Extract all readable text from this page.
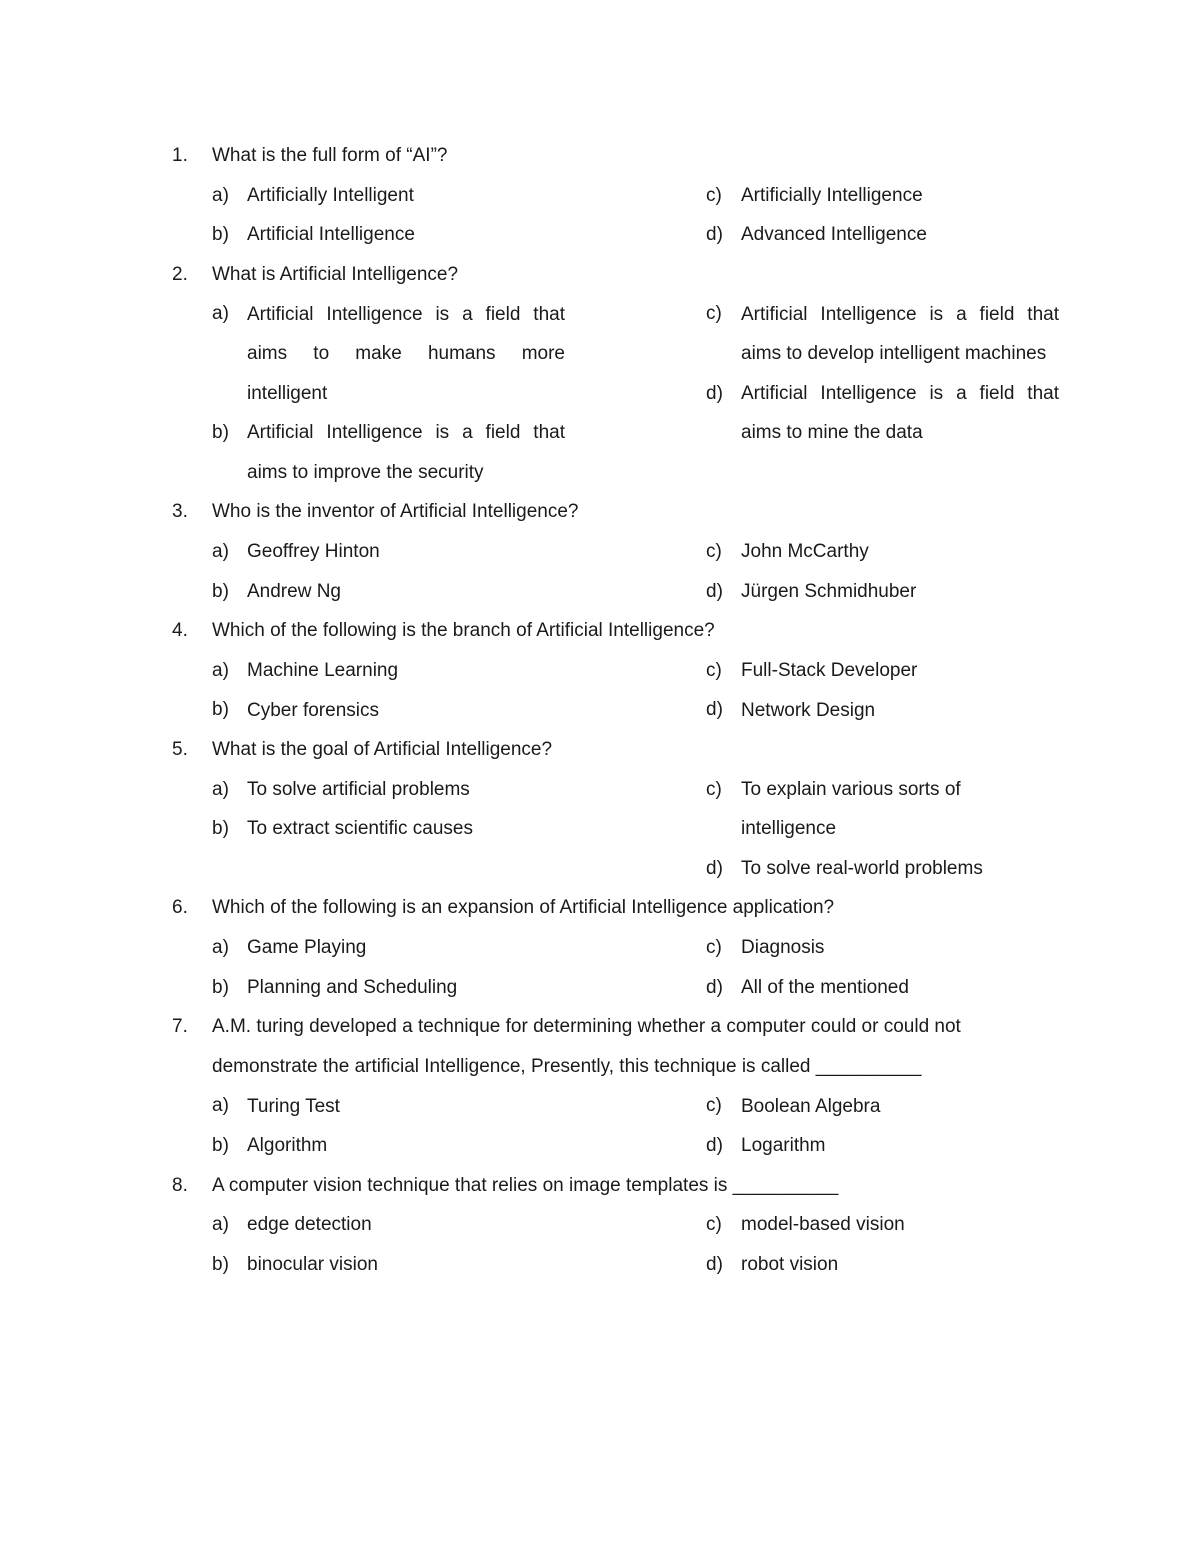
1.	What is the full form of “AI”?
a) Artificially Intelligent
b) Artificial Intelligence
c) Artificially Intelligence
d) Advanced Intelligence
2.	What is Artificial Intelligence?
a) Artificial Intelligence is a field that aims to make humans more intelligent
b) Artificial Intelligence is a field that aims to improve the security
c) Artificial Intelligence is a field that aims to develop intelligent machines
d) Artificial Intelligence is a field that aims to mine the data
3.	Who is the inventor of Artificial Intelligence?
a) Geoffrey Hinton
b) Andrew Ng
c) John McCarthy
d) Jürgen Schmidhuber
4.	Which of the following is the branch of Artificial Intelligence?
a) Machine Learning
b) Cyber forensics
c) Full-Stack Developer
d) Network Design
5.	What is the goal of Artificial Intelligence?
a) To solve artificial problems
b) To extract scientific causes
c) To explain various sorts of intelligence
d) To solve real-world problems
6.	Which of the following is an expansion of Artificial Intelligence application?
a) Game Playing
b) Planning and Scheduling
c) Diagnosis
d) All of the mentioned
7.	A.M. turing developed a technique for determining whether a computer could or could not
demonstrate the artificial Intelligence, Presently, this technique is called __________
a) Turing Test
b) Algorithm
c) Boolean Algebra
d) Logarithm
8.	A computer vision technique that relies on image templates is __________
a) edge detection
b) binocular vision
c) model-based vision
d) robot vision
